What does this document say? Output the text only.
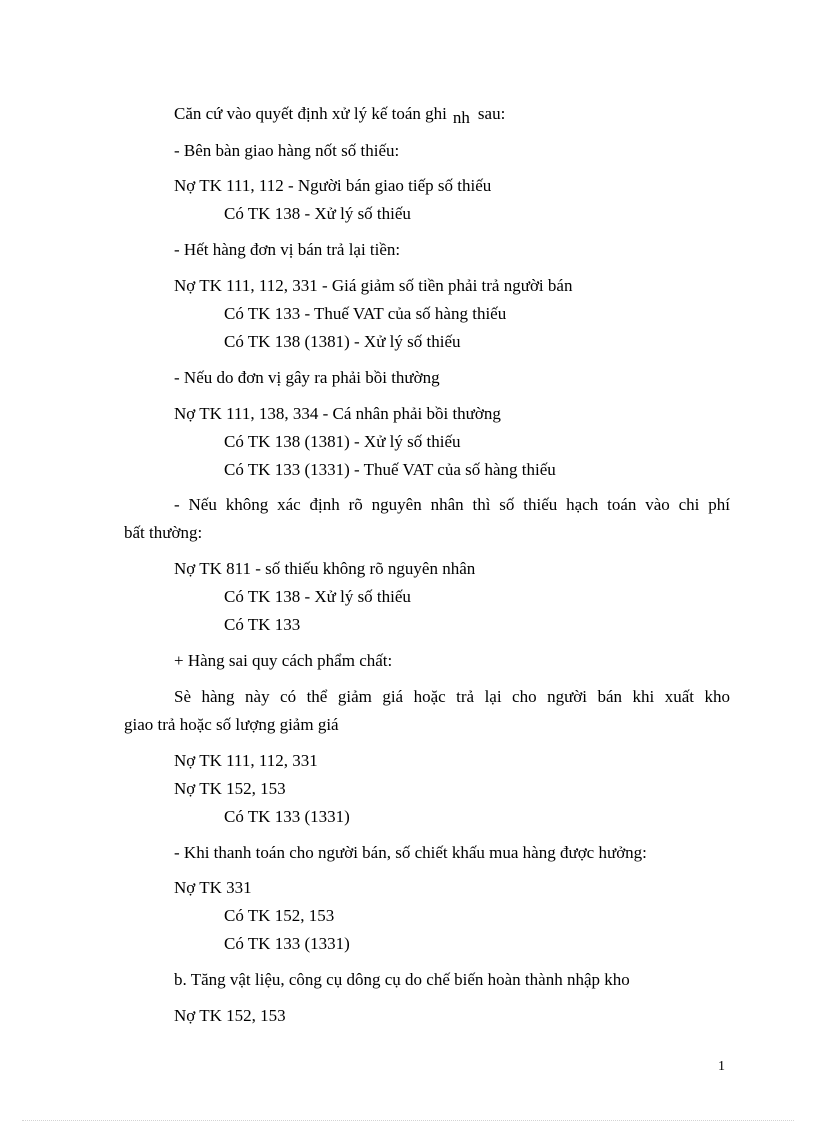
Căn cứ vào quyết định xử lý kế toán ghi nh sau:
- Bên bàn giao hàng nốt số thiếu:
Nợ TK 111, 112 - Người bán giao tiếp số thiếu
Có TK 138 - Xử lý số thiếu
- Hết hàng đơn vị bán trả lại tiền:
Nợ TK 111, 112, 331 - Giá giảm số tiền phải trả người bán
Có TK 133 - Thuế VAT của số hàng thiếu
Có TK 138 (1381) - Xử lý số thiếu
- Nếu do đơn vị gây ra phải bồi thường
Nợ TK 111, 138, 334 - Cá nhân phải bồi thường
Có TK 138 (1381) - Xử lý số thiếu
Có TK 133 (1331) - Thuế VAT của số hàng thiếu
- Nếu không xác định rõ nguyên nhân thì số thiếu hạch toán vào chi phí
bất thường:
Nợ TK 811 - số thiếu không rõ nguyên nhân
Có TK 138 - Xử lý số thiếu
Có TK 133
+ Hàng sai quy cách phẩm chất:
Sè hàng này có thể giảm giá hoặc trả lại cho người bán khi xuất kho
giao trả hoặc số lượng giảm giá
Nợ TK 111, 112, 331
Nợ TK 152, 153
Có TK 133 (1331)
- Khi thanh toán cho người bán, số chiết khấu mua hàng được hưởng:
Nợ TK 331
Có TK 152, 153
Có TK 133 (1331)
b. Tăng vật liệu, công cụ dông cụ do chế biến hoàn thành nhập kho
Nợ TK 152, 153
1
